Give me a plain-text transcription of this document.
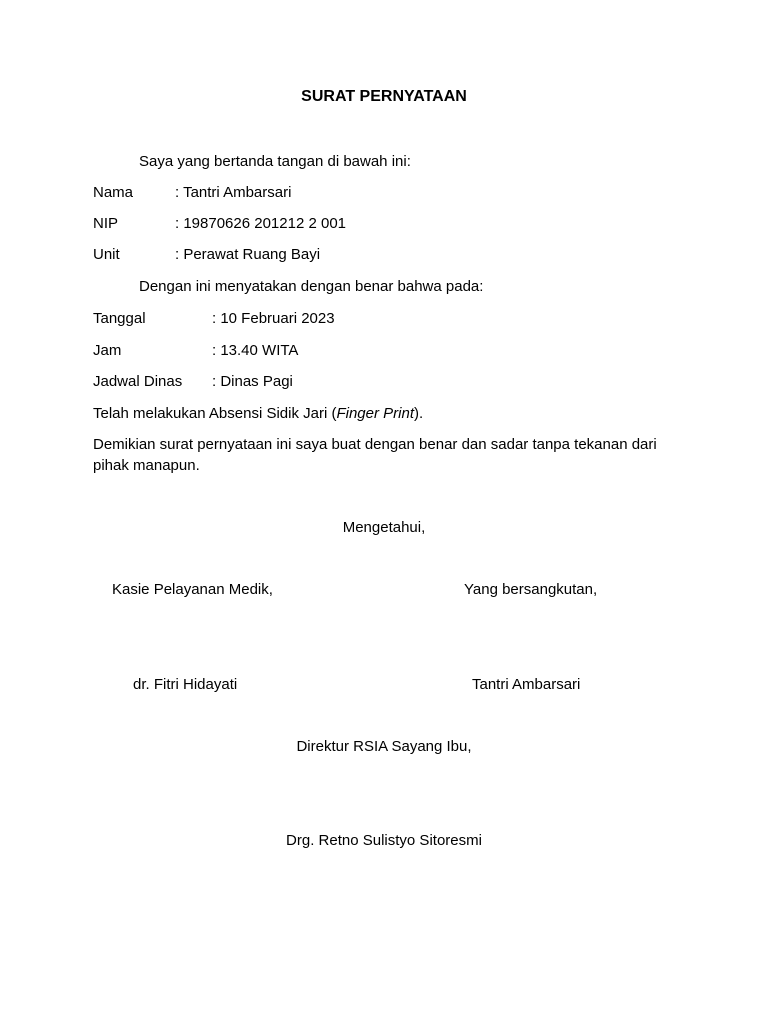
SURAT PERNYATAAN
Saya yang bertanda tangan di bawah ini:
Nama	: Tantri Ambarsari
NIP	: 19870626 201212 2 001
Unit	: Perawat Ruang Bayi
Dengan ini menyatakan dengan benar bahwa pada:
Tanggal	: 10 Februari 2023
Jam	: 13.40 WITA
Jadwal Dinas : Dinas Pagi
Telah melakukan Absensi Sidik Jari (Finger Print).
Demikian surat pernyataan ini saya buat dengan benar dan sadar tanpa tekanan dari pihak manapun.
Mengetahui,
Kasie Pelayanan Medik,	Yang bersangkutan,
dr. Fitri Hidayati	Tantri Ambarsari
Direktur RSIA Sayang Ibu,
Drg. Retno Sulistyo Sitoresmi
